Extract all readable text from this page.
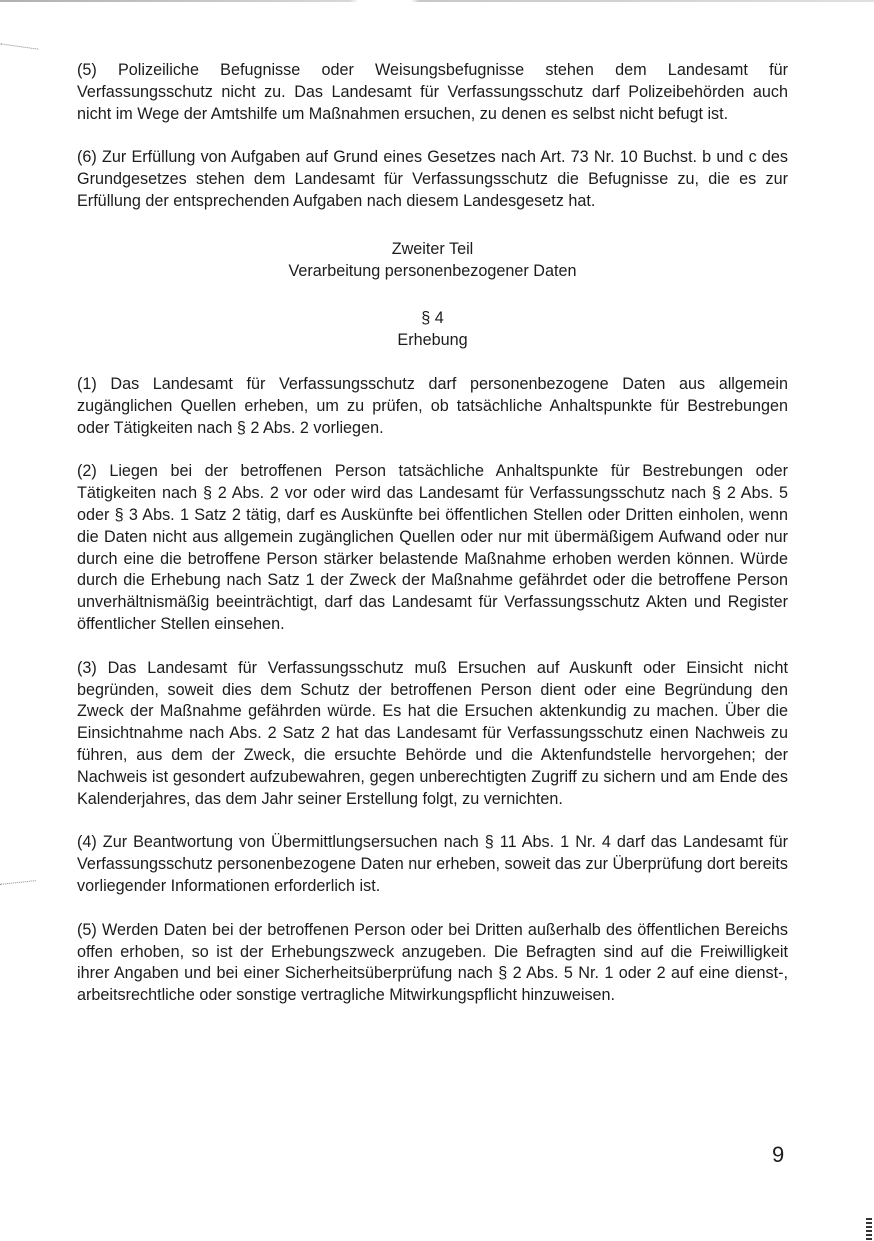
(5) Polizeiliche Befugnisse oder Weisungsbefugnisse stehen dem Landesamt für Verfassungsschutz nicht zu. Das Landesamt für Verfassungsschutz darf Polizeibehörden auch nicht im Wege der Amtshilfe um Maßnahmen ersuchen, zu denen es selbst nicht befugt ist.

(6) Zur Erfüllung von Aufgaben auf Grund eines Gesetzes nach Art. 73 Nr. 10 Buchst. b und c des Grundgesetzes stehen dem Landesamt für Verfassungsschutz die Befugnisse zu, die es zur Erfüllung der entsprechenden Aufgaben nach diesem Landesgesetz hat.

Zweiter Teil

Verarbeitung personenbezogener Daten

§ 4

Erhebung

(1) Das Landesamt für Verfassungsschutz darf personenbezogene Daten aus allgemein zugänglichen Quellen erheben, um zu prüfen, ob tatsächliche Anhaltspunkte für Bestrebungen oder Tätigkeiten nach § 2 Abs. 2 vorliegen.

(2) Liegen bei der betroffenen Person tatsächliche Anhaltspunkte für Bestrebungen oder Tätigkeiten nach § 2 Abs. 2 vor oder wird das Landesamt für Verfassungsschutz nach § 2 Abs. 5 oder § 3 Abs. 1 Satz 2 tätig, darf es Auskünfte bei öffentlichen Stellen oder Dritten einholen, wenn die Daten nicht aus allgemein zugänglichen Quellen oder nur mit übermäßigem Aufwand oder nur durch eine die betroffene Person stärker belastende Maßnahme erhoben werden können. Würde durch die Erhebung nach Satz 1 der Zweck der Maßnahme gefährdet oder die betroffene Person unverhältnismäßig beeinträchtigt, darf das Landesamt für Verfassungsschutz Akten und Register öffentlicher Stellen einsehen.

(3) Das Landesamt für Verfassungsschutz muß Ersuchen auf Auskunft oder Einsicht nicht begründen, soweit dies dem Schutz der betroffenen Person dient oder eine Begründung den Zweck der Maßnahme gefährden würde. Es hat die Ersuchen aktenkundig zu machen. Über die Einsichtnahme nach Abs. 2 Satz 2 hat das Landesamt für Verfassungsschutz einen Nachweis zu führen, aus dem der Zweck, die ersuchte Behörde und die Aktenfundstelle hervorgehen; der Nachweis ist gesondert aufzubewahren, gegen unberechtigten Zugriff zu sichern und am Ende des Kalenderjahres, das dem Jahr seiner Erstellung folgt, zu vernichten.

(4) Zur Beantwortung von Übermittlungsersuchen nach § 11 Abs. 1 Nr. 4 darf das Landesamt für Verfassungsschutz personenbezogene Daten nur erheben, soweit das zur Überprüfung dort bereits vorliegender Informationen erforderlich ist.

(5) Werden Daten bei der betroffenen Person oder bei Dritten außerhalb des öffentlichen Bereichs offen erhoben, so ist der Erhebungszweck anzugeben. Die Befragten sind auf die Freiwilligkeit ihrer Angaben und bei einer Sicherheitsüberprüfung nach § 2 Abs. 5 Nr. 1 oder 2 auf eine dienst-, arbeitsrechtliche oder sonstige vertragliche Mitwirkungspflicht hinzuweisen.

9
